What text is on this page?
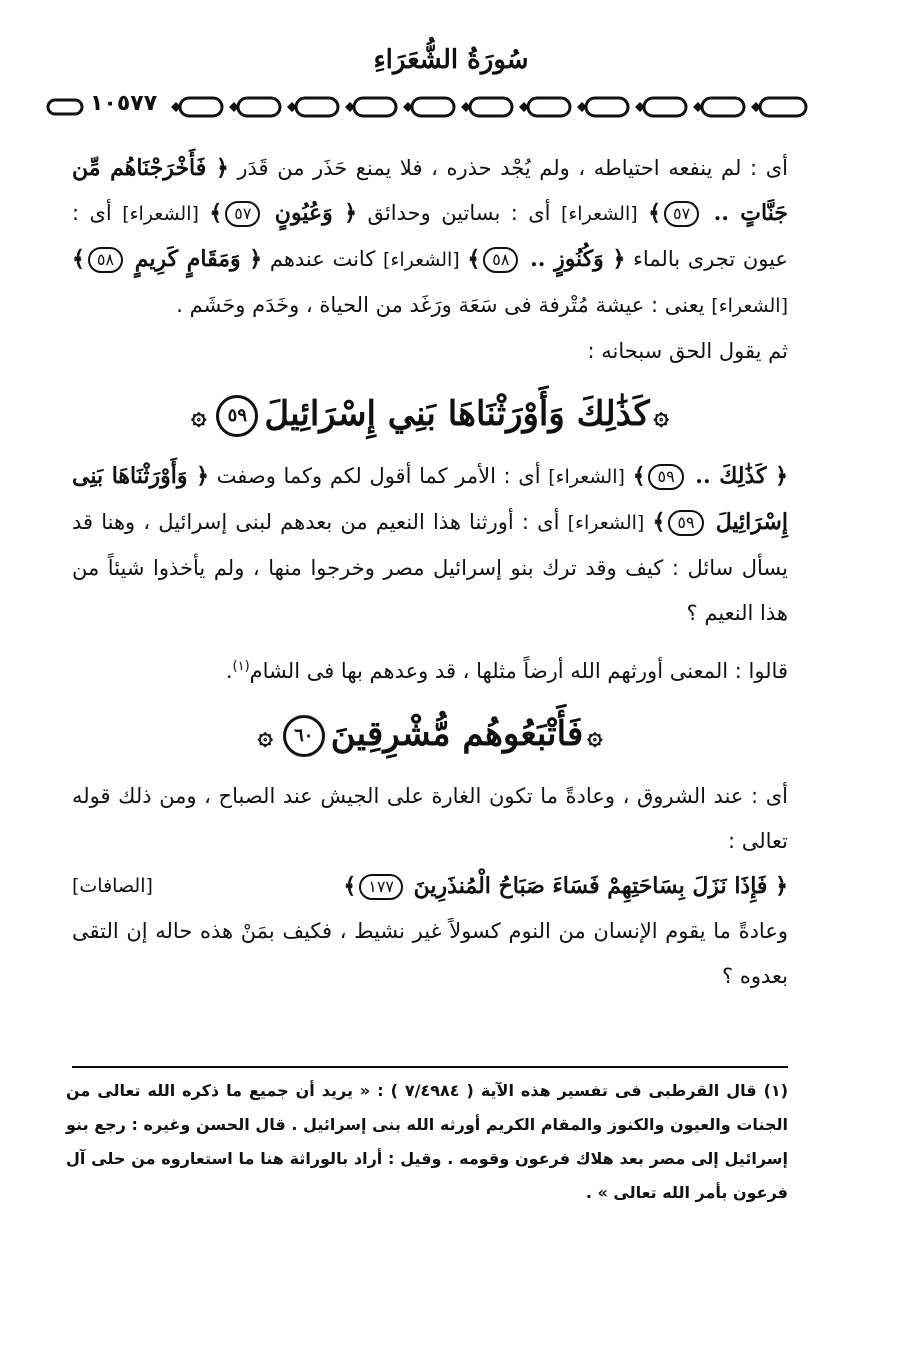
سُورَةُ الشُّعَرَاءِ
١٠٥٧٧

أى : لم ينفعه احتياطه ، ولم يُجْد حذره ، فلا يمنع حَذَر من قَدَر ﴿ فَأَخْرَجْنَاهُم مِّن جَنَّاتٍ .. ٥٧﴾ [الشعراء] أى : بساتين وحدائق ﴿ وَعُيُونٍ ٥٧﴾ [الشعراء] أى : عيون تجرى بالماء ﴿ وَكُنُوزٍ .. ٥٨﴾ [الشعراء] كانت عندهم ﴿ وَمَقَامٍ كَرِيمٍ ٥٨﴾ [الشعراء] يعنى : عيشة مُتْرفة فى سَعَة ورَغَد من الحياة ، وخَدَم وحَشَم .

ثم يقول الحق سبحانه :

۞كَذَٰلِكَ وَأَوْرَثْنَاهَا بَنِي إِسْرَائِيلَ٥٩۞

﴿ كَذَٰلِكَ .. ٥٩﴾ [الشعراء] أى : الأمر كما أقول لكم وكما وصفت ﴿ وَأَوْرَثْنَاهَا بَنِى إِسْرَائِيلَ ٥٩﴾ [الشعراء] أى : أورثنا هذا النعيم من بعدهم لبنى إسرائيل ، وهنا قد يسأل سائل : كيف وقد ترك بنو إسرائيل مصر وخرجوا منها ، ولم يأخذوا شيئاً من هذا النعيم ؟

قالوا : المعنى أورثهم الله أرضاً مثلها ، قد وعدهم بها فى الشام$^{(١)}$.

۞فَأَتْبَعُوهُم مُّشْرِقِينَ٦٠۞

أى : عند الشروق ، وعادةً ما تكون الغارة على الجيش عند الصباح ، ومن ذلك قوله تعالى :

﴿ فَإِذَا نَزَلَ بِسَاحَتِهِمْ فَسَاءَ صَبَاحُ الْمُنذَرِينَ ١٧٧﴾
[الصافات]

وعادةً ما يقوم الإنسان من النوم كسولاً غير نشيط ، فكيف بمَنْ هذه حاله إن التقى بعدوه ؟

(١) قال القرطبى فى تفسير هذه الآية ( ٧/٤٩٨٤ ) : « يريد أن جميع ما ذكره الله تعالى من الجنات والعيون والكنوز والمقام الكريم أورثه الله بنى إسرائيل . قال الحسن وغيره : رجع بنو إسرائيل إلى مصر بعد هلاك فرعون وقومه . وقيل : أراد بالوراثة هنا ما استعاروه من حلى آل فرعون بأمر الله تعالى » .
